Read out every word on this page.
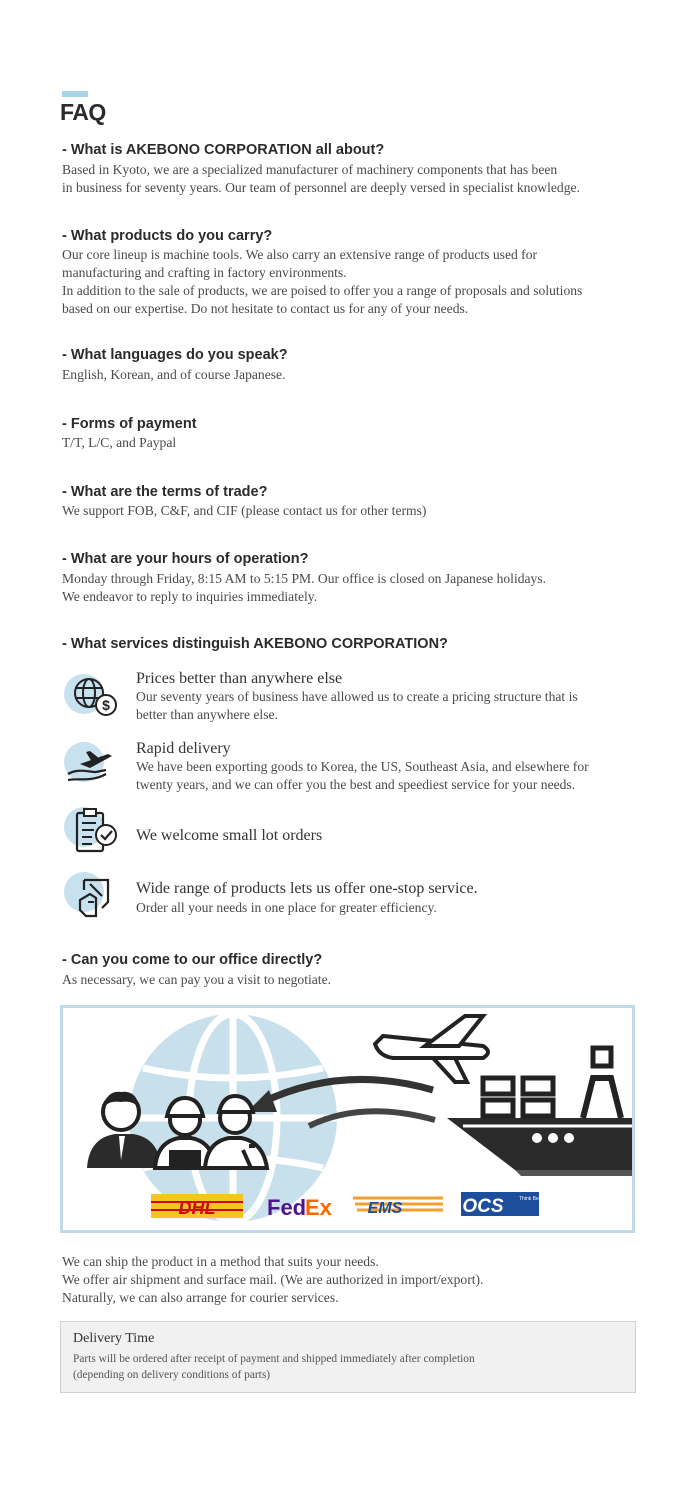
FAQ
- What is AKEBONO CORPORATION all about?

Based in Kyoto, we are a specialized manufacturer of machinery components that has been

in business for seventy years. Our team of personnel are deeply versed in specialist knowledge.

- What products do you carry?

Our core lineup is machine tools. We also carry an extensive range of products used for

manufacturing and crafting in factory environments.

In addition to the sale of products, we are poised to offer you a range of proposals and solutions

based on our expertise. Do not hesitate to contact us for any of your needs.

- What languages do you speak?

English, Korean, and of course Japanese.

- Forms of payment

T/T, L/C, and Paypal

- What are the terms of trade?

We support FOB, C&F, and CIF (please contact us for other terms)

- What are your hours of operation?

Monday through Friday, 8:15 AM to 5:15 PM. Our office is closed on Japanese holidays.

We endeavor to reply to inquiries immediately.

- What services distinguish AKEBONO CORPORATION?
$
Prices better than anywhere else

Our seventy years of business have allowed us to create a pricing structure that is

better than anywhere else.

Rapid delivery

We have been exporting goods to Korea, the US, Southeast Asia, and elsewhere for

twenty years, and we can offer you the best and speediest service for your needs.

We welcome small lot orders
Wide range of products lets us offer one-stop service.

Order all your needs in one place for greater efficiency.

- Can you come to our office directly?

As necessary, we can pay you a visit to negotiate.

DHL Fed
Ex EMS	OCS	Think Best

We can ship the product in a method that suits your needs.

We offer air shipment and surface mail. (We are authorized in import/export).

Naturally, we can also arrange for courier services.

Delivery Time

Parts will be ordered after receipt of payment and shipped immediately after completion

(depending on delivery conditions of parts)
